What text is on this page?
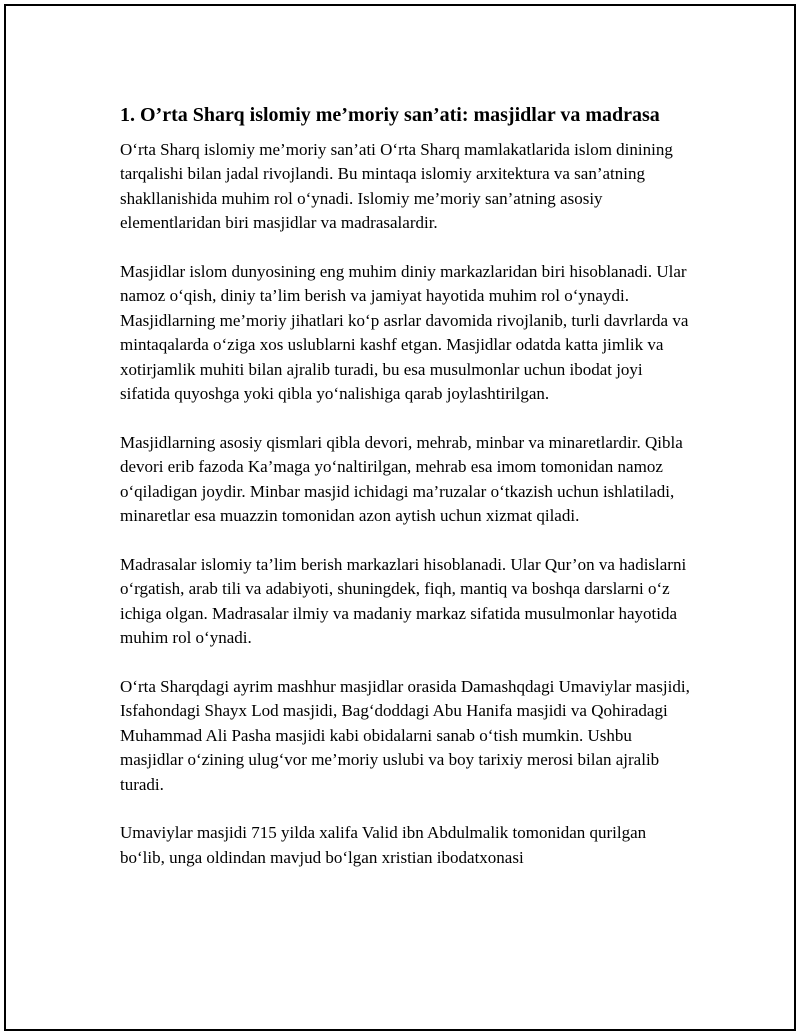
1. O’rta Sharq islomiy me’moriy san’ati: masjidlar va madrasa

O‘rta Sharq islomiy me’moriy san’ati O‘rta Sharq mamlakatlarida islom dinining tarqalishi bilan jadal rivojlandi. Bu mintaqa islomiy arxitektura va san’atning shakllanishida muhim rol o‘ynadi. Islomiy me’moriy san’atning asosiy elementlaridan biri masjidlar va madrasalardir.

Masjidlar islom dunyosining eng muhim diniy markazlaridan biri hisoblanadi. Ular namoz o‘qish, diniy ta’lim berish va jamiyat hayotida muhim rol o‘ynaydi. Masjidlarning me’moriy jihatlari ko‘p asrlar davomida rivojlanib, turli davrlarda va mintaqalarda o‘ziga xos uslublarni kashf etgan. Masjidlar odatda katta jimlik va xotirjamlik muhiti bilan ajralib turadi, bu esa musulmonlar uchun ibodat joyi sifatida quyoshga yoki qibla yo‘nalishiga qarab joylashtirilgan.

Masjidlarning asosiy qismlari qibla devori, mehrab, minbar va minaretlardir. Qibla devori erib fazoda Ka’maga yo‘naltirilgan, mehrab esa imom tomonidan namoz o‘qiladigan joydir. Minbar masjid ichidagi ma’ruzalar o‘tkazish uchun ishlatiladi, minaretlar esa muazzin tomonidan azon aytish uchun xizmat qiladi.

Madrasalar islomiy ta’lim berish markazlari hisoblanadi. Ular Qur’on va hadislarni o‘rgatish, arab tili va adabiyoti, shuningdek, fiqh, mantiq va boshqa darslarni o‘z ichiga olgan. Madrasalar ilmiy va madaniy markaz sifatida musulmonlar hayotida muhim rol o‘ynadi.

O‘rta Sharqdagi ayrim mashhur masjidlar orasida Damashqdagi Umaviylar masjidi, Isfahondagi Shayx Lod masjidi, Bag‘doddagi Abu Hanifa masjidi va Qohiradagi Muhammad Ali Pasha masjidi kabi obidalarni sanab o‘tish mumkin. Ushbu masjidlar o‘zining ulug‘vor me’moriy uslubi va boy tarixiy merosi bilan ajralib turadi.

Umaviylar masjidi 715 yilda xalifa Valid ibn Abdulmalik tomonidan qurilgan bo‘lib, unga oldindan mavjud bo‘lgan xristian ibodatxonasi
